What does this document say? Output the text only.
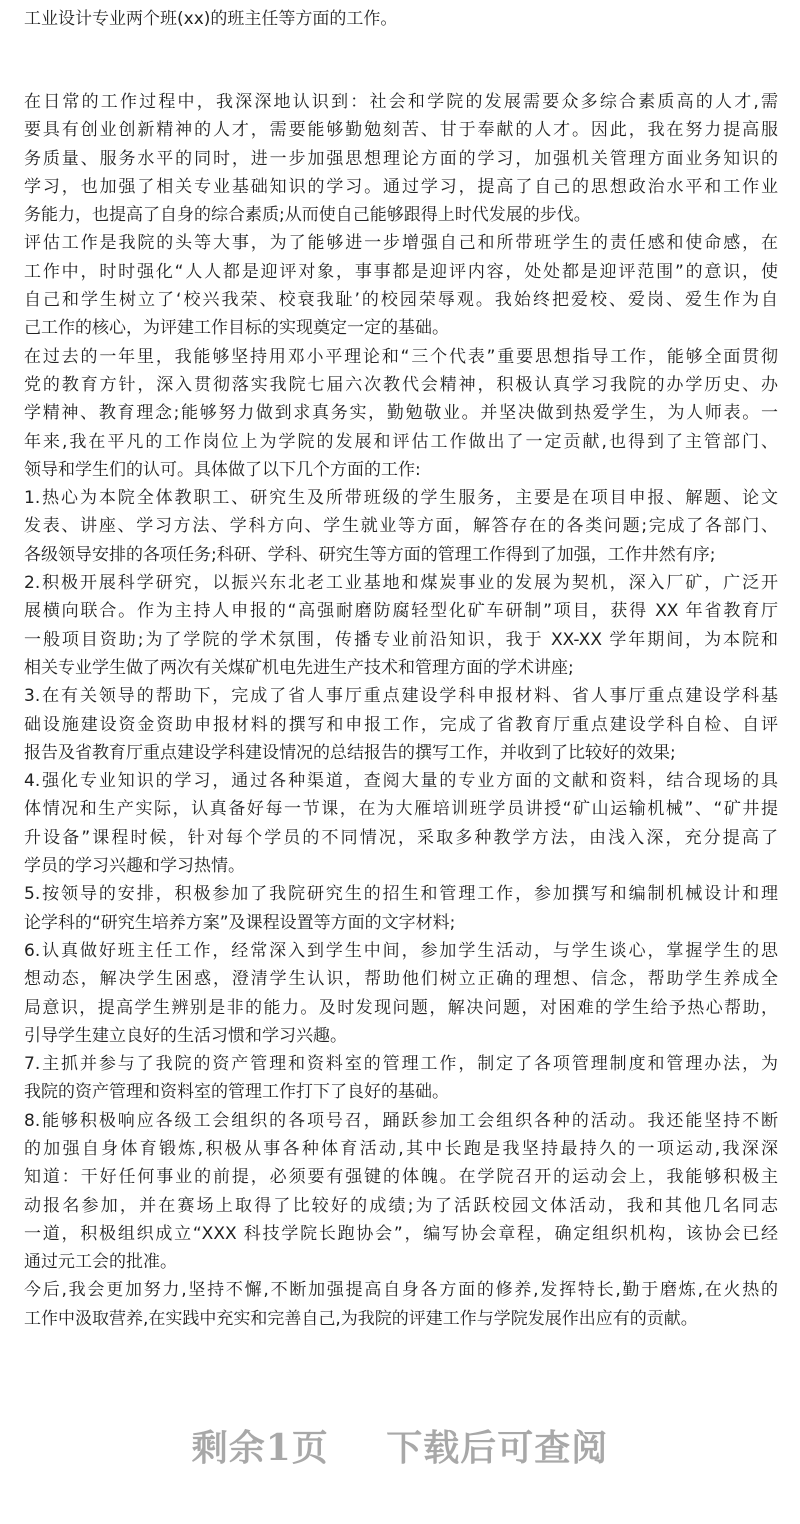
工业设计专业两个班(xx)的班主任等方面的工作。
在日常的工作过程中，我深深地认识到：社会和学院的发展需要众多综合素质高的人才,需
要具有创业创新精神的人才，需要能够勤勉刻苦、甘于奉献的人才。因此，我在努力提高服
务质量、服务水平的同时，进一步加强思想理论方面的学习，加强机关管理方面业务知识的
学习，也加强了相关专业基础知识的学习。通过学习，提高了自己的思想政治水平和工作业
务能力，也提高了自身的综合素质;从而使自己能够跟得上时代发展的步伐。
评估工作是我院的头等大事，为了能够进一步增强自己和所带班学生的责任感和使命感，在
工作中，时时强化“人人都是迎评对象，事事都是迎评内容，处处都是迎评范围”的意识，使
自己和学生树立了‘校兴我荣、校衰我耻’的校园荣辱观。我始终把爱校、爱岗、爱生作为自
己工作的核心，为评建工作目标的实现奠定一定的基础。
在过去的一年里，我能够坚持用邓小平理论和“三个代表”重要思想指导工作，能够全面贯彻
党的教育方针，深入贯彻落实我院七届六次教代会精神，积极认真学习我院的办学历史、办
学精神、教育理念;能够努力做到求真务实，勤勉敬业。并坚决做到热爱学生，为人师表。一
年来,我在平凡的工作岗位上为学院的发展和评估工作做出了一定贡献,也得到了主管部门、
领导和学生们的认可。具体做了以下几个方面的工作:
1.热心为本院全体教职工、研究生及所带班级的学生服务，主要是在项目申报、解题、论文
发表、讲座、学习方法、学科方向、学生就业等方面，解答存在的各类问题;完成了各部门、
各级领导安排的各项任务;科研、学科、研究生等方面的管理工作得到了加强，工作井然有序;
2.积极开展科学研究，以振兴东北老工业基地和煤炭事业的发展为契机，深入厂矿，广泛开
展横向联合。作为主持人申报的“高强耐磨防腐轻型化矿车研制”项目，获得 XX 年省教育厅
一般项目资助;为了学院的学术氛围，传播专业前沿知识，我于 XX-XX 学年期间，为本院和
相关专业学生做了两次有关煤矿机电先进生产技术和管理方面的学术讲座;
3.在有关领导的帮助下，完成了省人事厅重点建设学科申报材料、省人事厅重点建设学科基
础设施建设资金资助申报材料的撰写和申报工作，完成了省教育厅重点建设学科自检、自评
报告及省教育厅重点建设学科建设情况的总结报告的撰写工作，并收到了比较好的效果;
4.强化专业知识的学习，通过各种渠道，查阅大量的专业方面的文献和资料，结合现场的具
体情况和生产实际，认真备好每一节课，在为大雁培训班学员讲授“矿山运输机械”、“矿井提
升设备”课程时候，针对每个学员的不同情况，采取多种教学方法，由浅入深，充分提高了
学员的学习兴趣和学习热情。
5.按领导的安排，积极参加了我院研究生的招生和管理工作，参加撰写和编制机械设计和理
论学科的“研究生培养方案”及课程设置等方面的文字材料;
6.认真做好班主任工作，经常深入到学生中间，参加学生活动，与学生谈心，掌握学生的思
想动态，解决学生困惑，澄清学生认识，帮助他们树立正确的理想、信念，帮助学生养成全
局意识，提高学生辨别是非的能力。及时发现问题，解决问题，对困难的学生给予热心帮助，
引导学生建立良好的生活习惯和学习兴趣。
7.主抓并参与了我院的资产管理和资料室的管理工作，制定了各项管理制度和管理办法，为
我院的资产管理和资料室的管理工作打下了良好的基础。
8.能够积极响应各级工会组织的各项号召，踊跃参加工会组织各种的活动。我还能坚持不断
的加强自身体育锻炼,积极从事各种体育活动,其中长跑是我坚持最持久的一项运动,我深深
知道：干好任何事业的前提，必须要有强键的体魄。在学院召开的运动会上，我能够积极主
动报名参加，并在赛场上取得了比较好的成绩;为了活跃校园文体活动，我和其他几名同志
一道，积极组织成立“XXX 科技学院长跑协会”，编写协会章程，确定组织机构，该协会已经
通过元工会的批准。
今后,我会更加努力,坚持不懈,不断加强提高自身各方面的修养,发挥特长,勤于磨炼,在火热的
工作中汲取营养,在实践中充实和完善自己,为我院的评建工作与学院发展作出应有的贡献。
剩余1页 下载后可查阅
